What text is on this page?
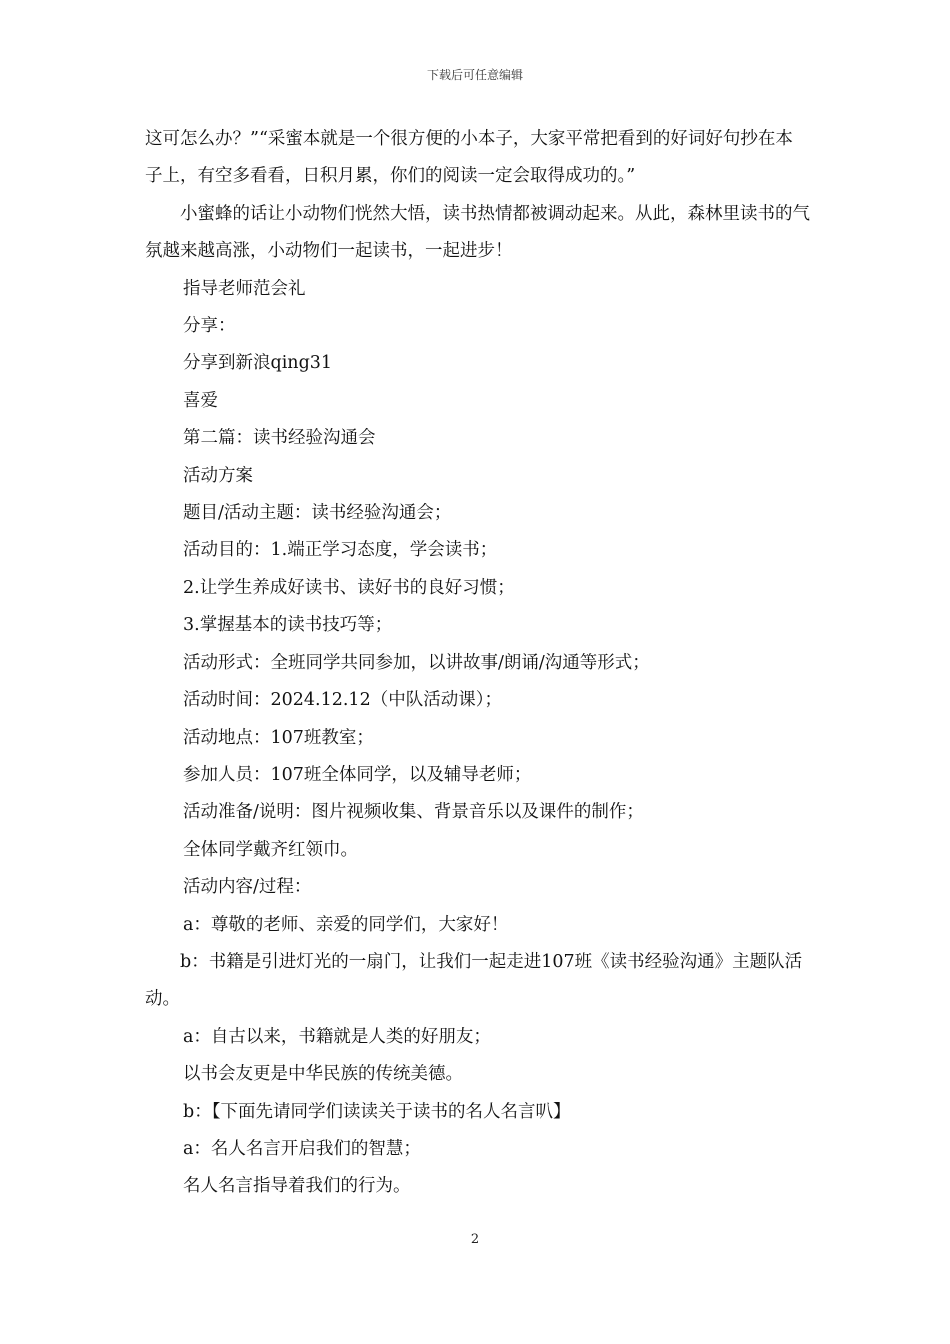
下载后可任意编辑

这可怎么办？”“采蜜本就是一个很方便的小本子，大家平常把看到的好词好句抄在本子上，有空多看看，日积月累，你们的阅读一定会取得成功的。”

小蜜蜂的话让小动物们恍然大悟，读书热情都被调动起来。从此，森林里读书的气氛越来越高涨，小动物们一起读书，一起进步！

指导老师范会礼

分享：

分享到新浪qing31

喜爱

第二篇：读书经验沟通会

活动方案

题目/活动主题：读书经验沟通会；

活动目的：1.端正学习态度，学会读书；

2.让学生养成好读书、读好书的良好习惯；

3.掌握基本的读书技巧等；

活动形式：全班同学共同参加，以讲故事/朗诵/沟通等形式；

活动时间：2024.12.12（中队活动课）；

活动地点：107班教室；

参加人员：107班全体同学，以及辅导老师；

活动准备/说明：图片视频收集、背景音乐以及课件的制作；

全体同学戴齐红领巾。

活动内容/过程：

a：尊敬的老师、亲爱的同学们，大家好！

b：书籍是引进灯光的一扇门，让我们一起走进107班《读书经验沟通》主题队活动。

a：自古以来，书籍就是人类的好朋友；

以书会友更是中华民族的传统美德。

b：【下面先请同学们读读关于读书的名人名言叭】

a：名人名言开启我们的智慧；

名人名言指导着我们的行为。

2
